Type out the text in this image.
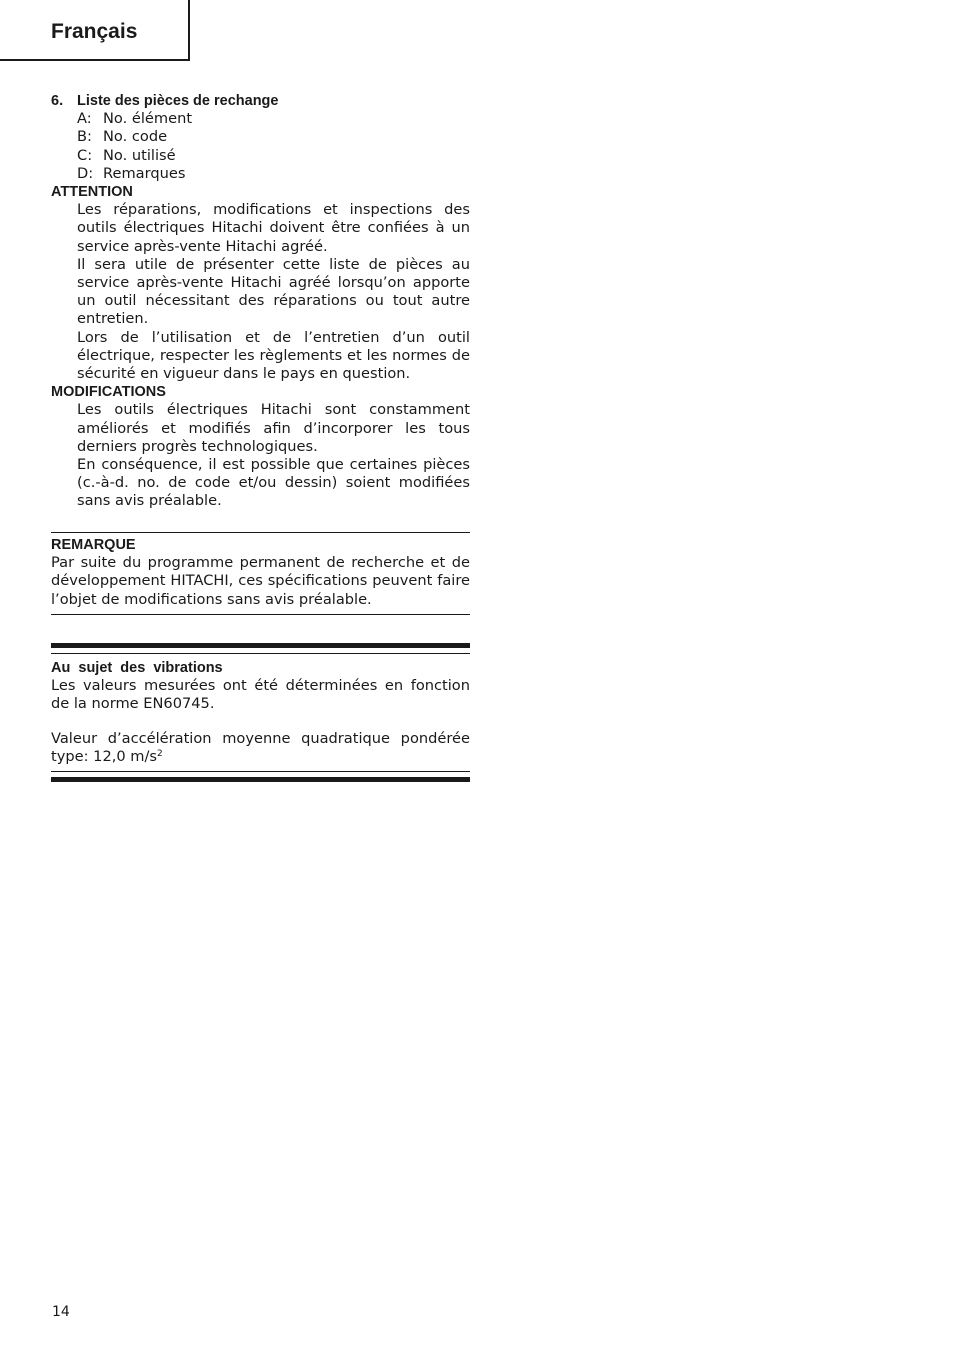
Français

6. Liste des pièces de rechange

A: No. élément
B: No. code
C: No. utilisé
D: Remarques

ATTENTION

Les réparations, modifications et inspections des outils électriques Hitachi doivent être confiées à un service après-vente Hitachi agréé.

Il sera utile de présenter cette liste de pièces au service après-vente Hitachi agréé lorsqu’on apporte un outil nécessitant des réparations ou tout autre entretien.

Lors de l’utilisation et de l’entretien d’un outil électrique, respecter les règlements et les normes de sécurité en vigueur dans le pays en question.

MODIFICATIONS

Les outils électriques Hitachi sont constamment améliorés et modifiés afin d’incorporer les tous derniers progrès technologiques.

En conséquence, il est possible que certaines pièces (c.-à-d. no. de code et/ou dessin) soient modifiées sans avis préalable.

REMARQUE

Par suite du programme permanent de recherche et de développement HITACHI, ces spécifications peuvent faire l’objet de modifications sans avis préalable.

Au  sujet  des  vibrations

Les valeurs mesurées ont été déterminées en fonction de la norme EN60745.

Valeur d’accélération moyenne quadratique pondérée type: 12,0 $m/s^2$

14
